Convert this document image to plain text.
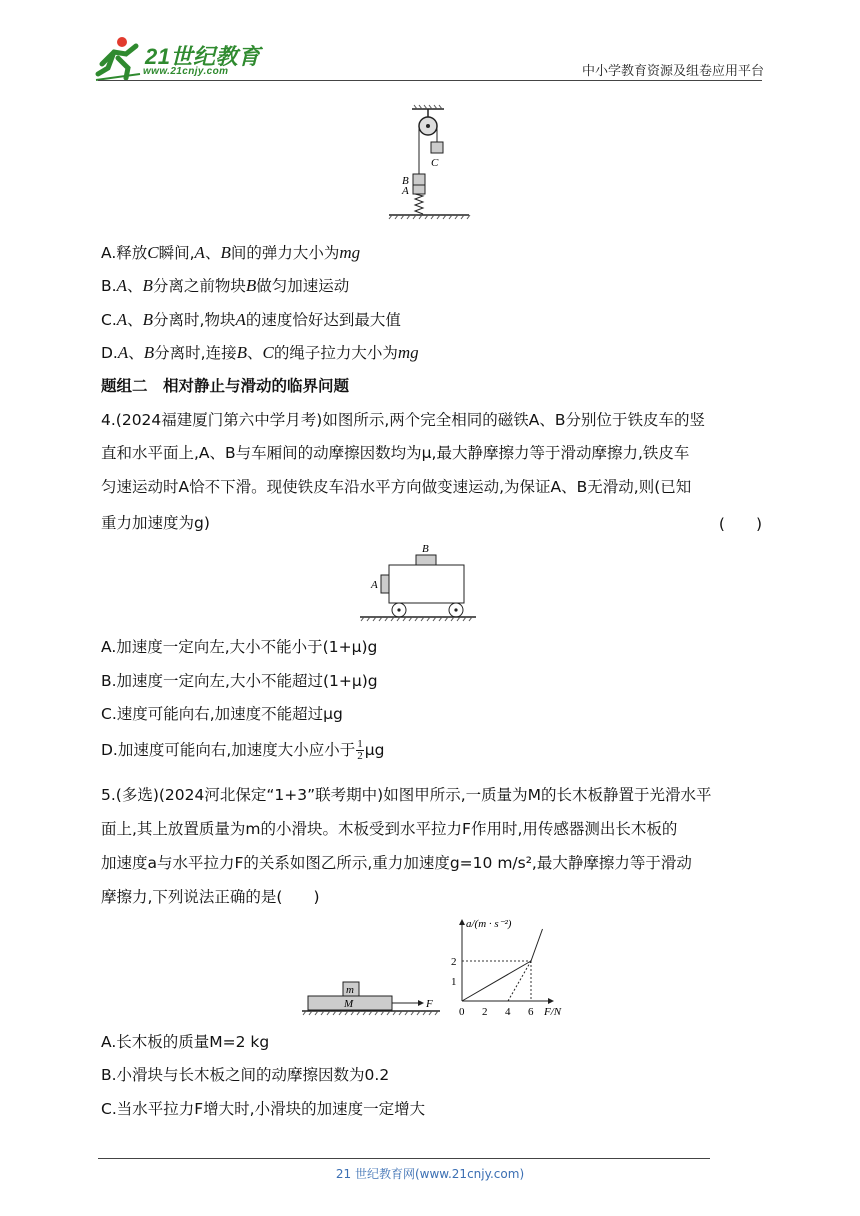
21世纪教育
www.21cnjy.com	中小学教育资源及组卷应用平台
C
B
A
A.释放C瞬间,A、B间的弹力大小为mg
B.A、B分离之前物块B做匀加速运动
C.A、B分离时,物块A的速度恰好达到最大值
D.A、B分离时,连接B、C的绳子拉力大小为mg
题组二　相对静止与滑动的临界问题
4.(2024福建厦门第六中学月考)如图所示,两个完全相同的磁铁A、B分别位于铁皮车的竖
直和水平面上,A、B与车厢间的动摩擦因数均为μ,最大静摩擦力等于滑动摩擦力,铁皮车
匀速运动时A恰不下滑。现使铁皮车沿水平方向做变速运动,为保证A、B无滑动,则(已知
重力加速度为g)	(　　)
B
A
A.加速度一定向左,大小不能小于(1+μ)g
B.加速度一定向左,大小不能超过(1+μ)g
C.速度可能向右,加速度不能超过μg
D.加速度可能向右,加速度大小应小于 $\frac{1}{2}$ μg
5.(多选)(2024河北保定“1+3”联考期中)如图甲所示,一质量为M的长木板静置于光滑水平
面上,其上放置质量为m的小滑块。木板受到水平拉力F作用时,用传感器测出长木板的
加速度a与水平拉力F的关系如图乙所示,重力加速度g=10 m/s²,最大静摩擦力等于滑动
摩擦力,下列说法正确的是(　　)
m
M	F
a/(m · s⁻²)
F/N
0 2 4 6
1
2
A.长木板的质量M=2 kg
B.小滑块与长木板之间的动摩擦因数为0.2
C.当水平拉力F增大时,小滑块的加速度一定增大
21 世纪教育网(www.21cnjy.com)
